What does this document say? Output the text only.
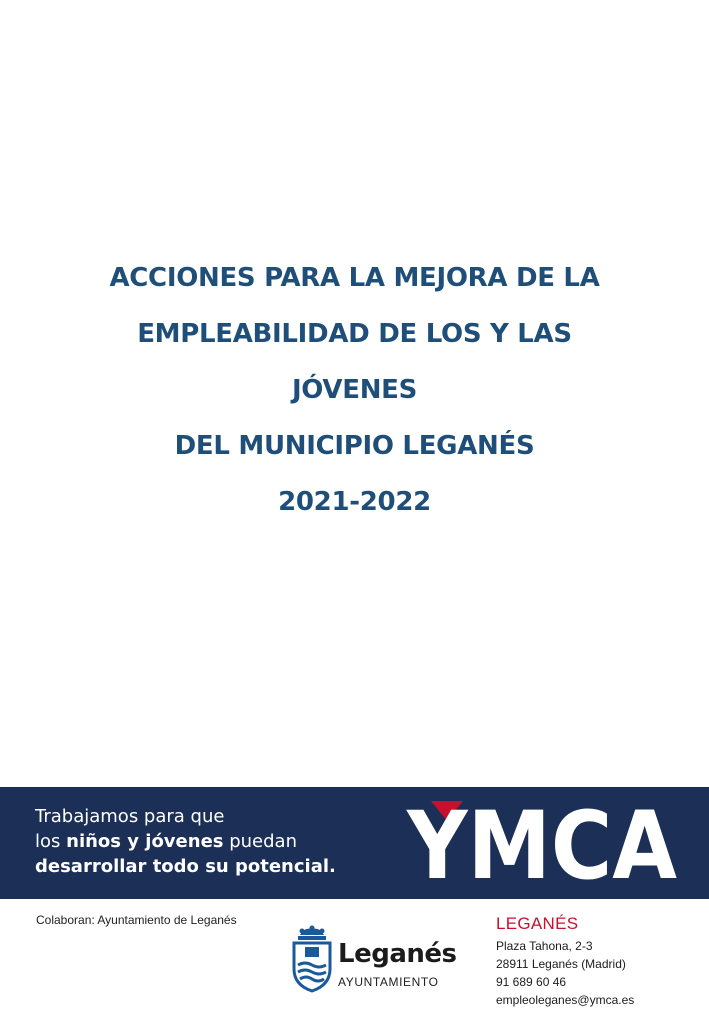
ACCIONES PARA LA MEJORA DE LA
EMPLEABILIDAD DE LOS Y LAS
JÓVENES
DEL MUNICIPIO LEGANÉS
2021-2022
Trabajamos para que
los niños y jóvenes puedan
desarrollar todo su potencial. YMCA
Colaboran: Ayuntamiento de Leganés
Leganés
AYUNTAMIENTO
LEGANÉS
Plaza Tahona, 2-3
28911 Leganés (Madrid)
91 689 60 46
empleoleganes@ymca.es
